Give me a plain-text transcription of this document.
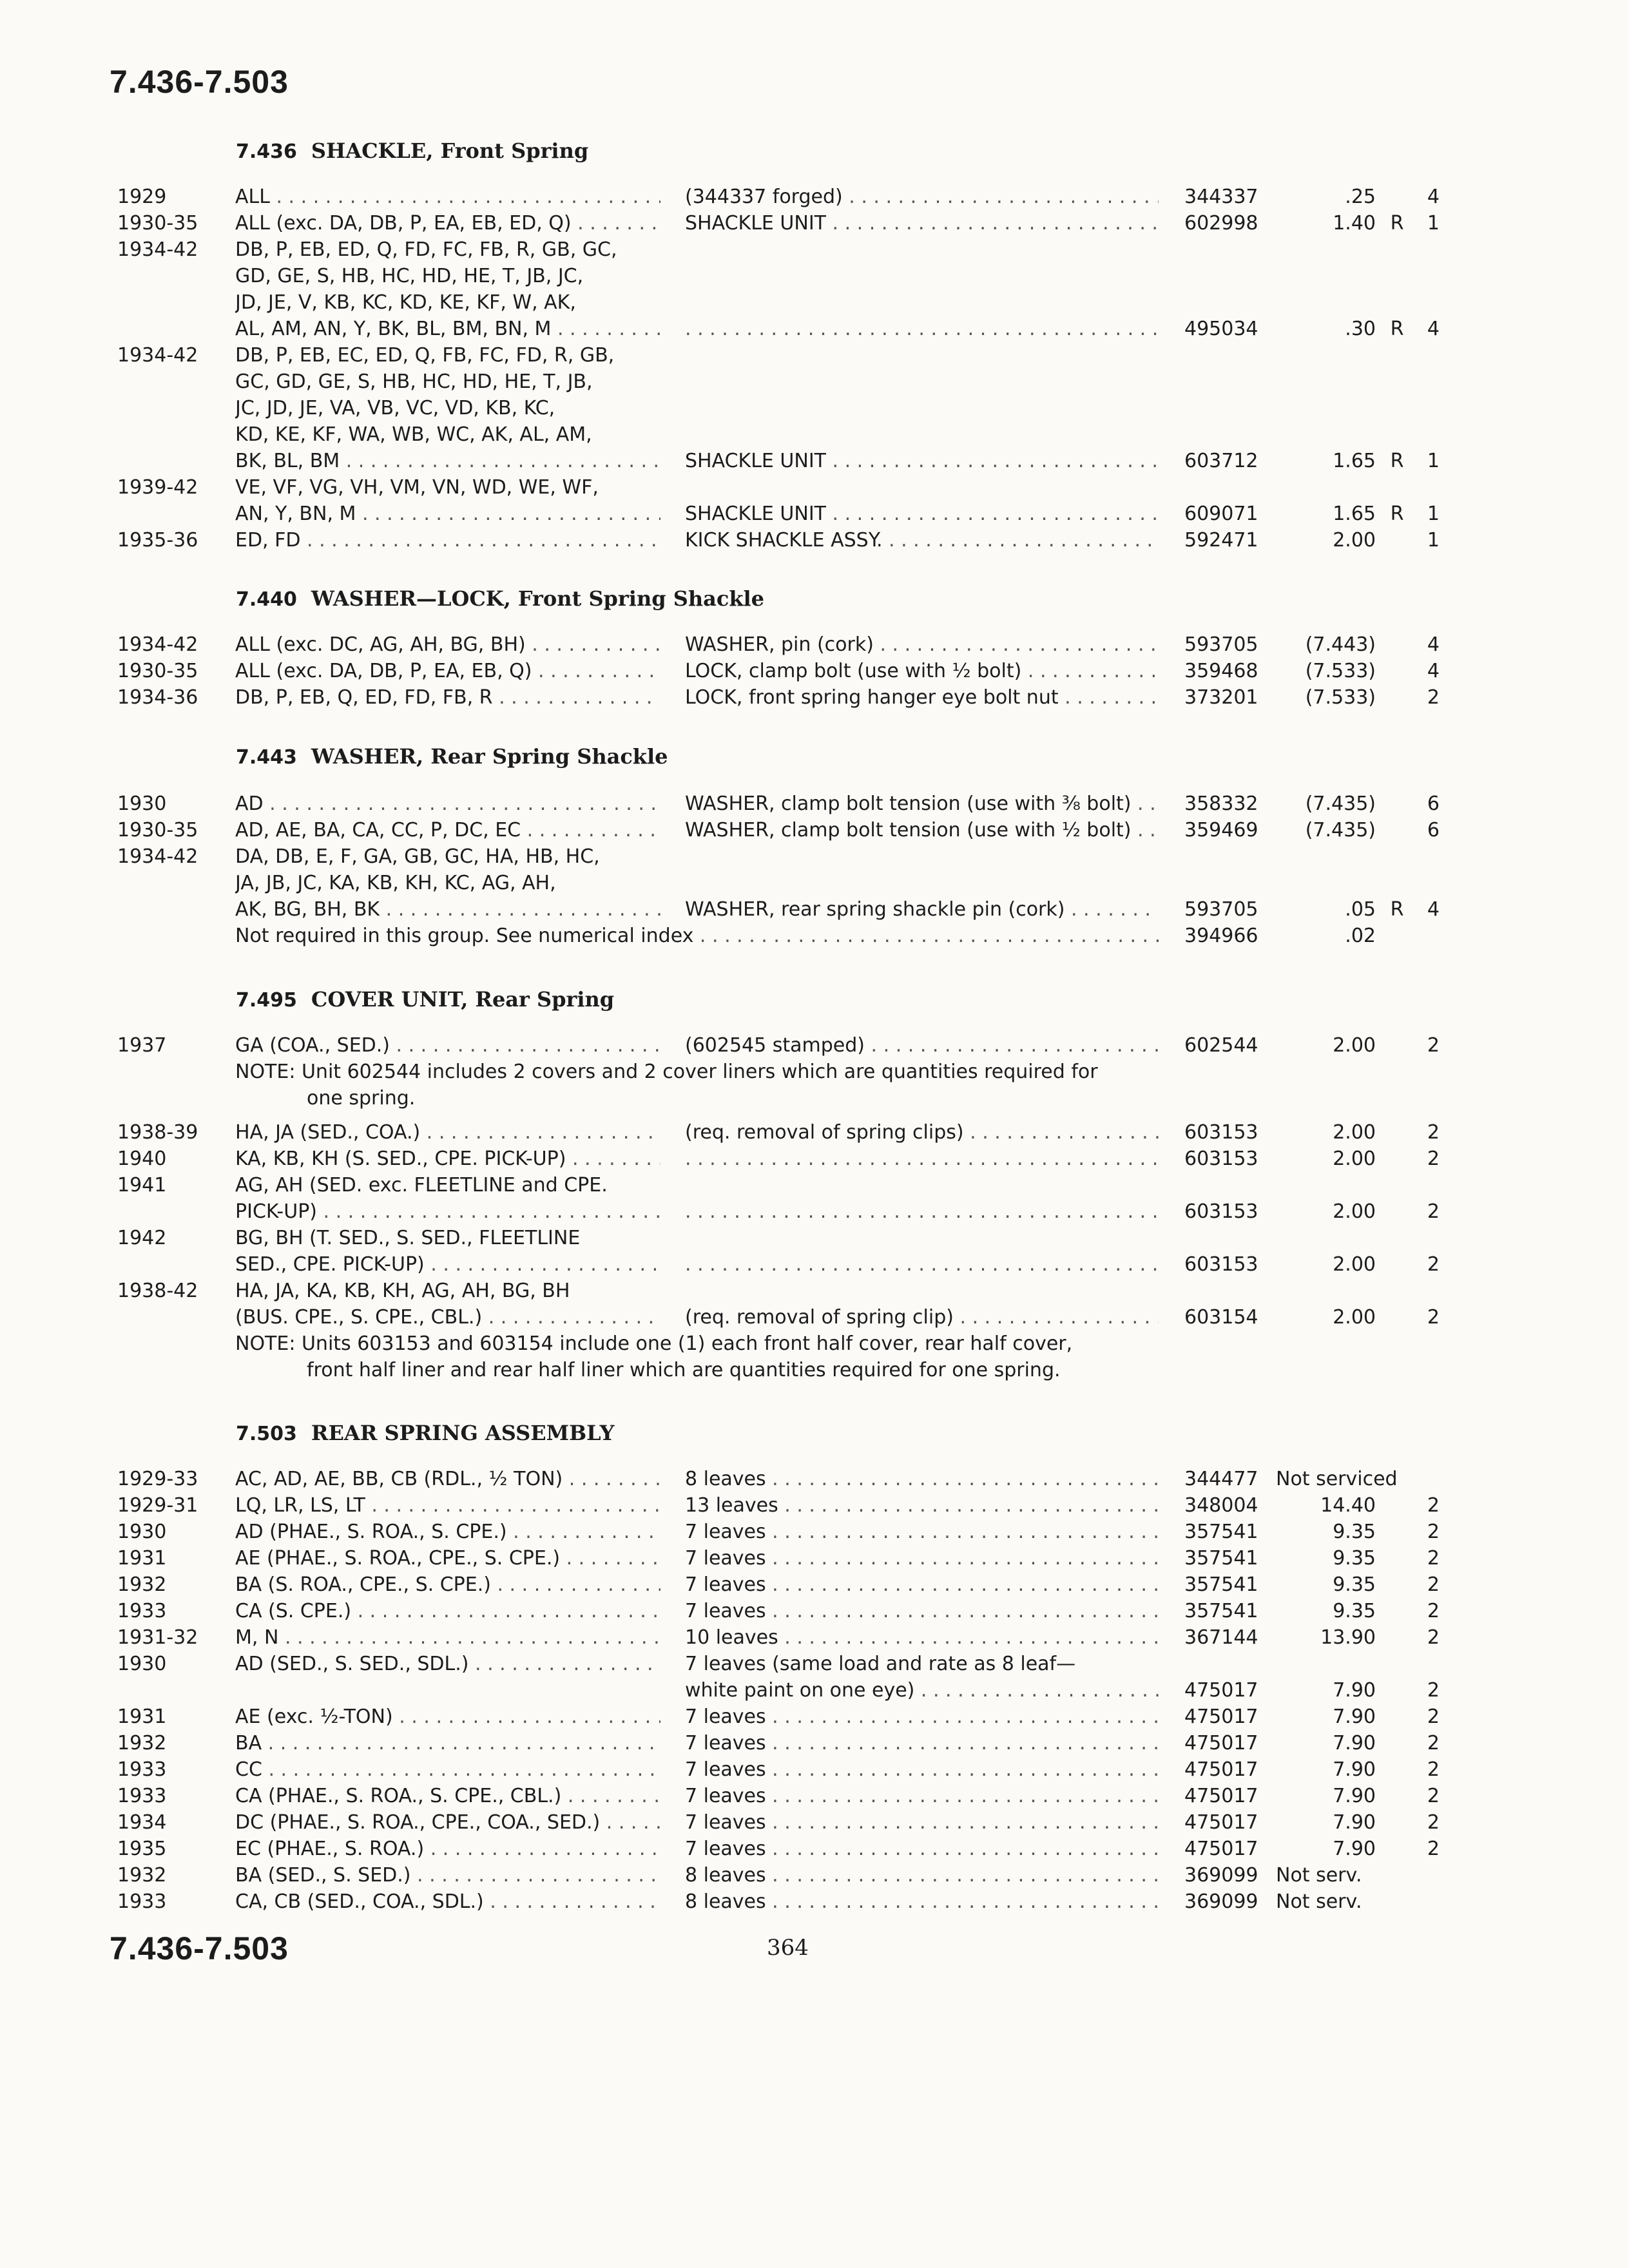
7.436-7.503
7.436 SHACKLE, Front Spring
1929	ALL . . .	(344337 forged) . . .	344337	.25	4
1930-35	ALL (exc. DA, DB, P, EA, EB, ED, Q) . . .	SHACKLE UNIT . . .	602998	1.40 R	1
1934-42	DB, P, EB, ED, Q, FD, FC, FB, R, GB, GC,
GD, GE, S, HB, HC, HD, HE, T, JB, JC,
JD, JE, V, KB, KC, KD, KE, KF, W, AK,
AL, AM, AN, Y, BK, BL, BM, BN, M . . . . . .	495034	.30 R	4
1934-42	DB, P, EB, EC, ED, Q, FB, FC, FD, R, GB,
GC, GD, GE, S, HB, HC, HD, HE, T, JB,
JC, JD, JE, VA, VB, VC, VD, KB, KC,
KD, KE, KF, WA, WB, WC, AK, AL, AM,
BK, BL, BM . . .	SHACKLE UNIT . . .	603712	1.65 R	1
1939-42	VE, VF, VG, VH, VM, VN, WD, WE, WF,
AN, Y, BN, M . . .	SHACKLE UNIT . . .	609071	1.65 R	1
1935-36	ED, FD . . .	KICK SHACKLE ASSY. . . .	592471	2.00	1
7.440 WASHER—LOCK, Front Spring Shackle
1934-42	ALL (exc. DC, AG, AH, BG, BH) . . .	WASHER, pin (cork) . . .	593705	(7.443)	4
1930-35	ALL (exc. DA, DB, P, EA, EB, Q) . . .	LOCK, clamp bolt (use with ½ bolt) . . .	359468	(7.533)	4
1934-36	DB, P, EB, Q, ED, FD, FB, R . . .	LOCK, front spring hanger eye bolt nut . . .	373201	(7.533)	2
7.443 WASHER, Rear Spring Shackle
1930	AD . . .	WASHER, clamp bolt tension (use with ⅜ bolt) . . .	358332	(7.435)	6
1930-35	AD, AE, BA, CA, CC, P, DC, EC . . .	WASHER, clamp bolt tension (use with ½ bolt) . . .	359469	(7.435)	6
1934-42	DA, DB, E, F, GA, GB, GC, HA, HB, HC,
JA, JB, JC, KA, KB, KH, KC, AG, AH,
AK, BG, BH, BK . . .	WASHER, rear spring shackle pin (cork) . . .	593705	.05 R	4
Not required in this group. See numerical index . . .	394966	.02
7.495 COVER UNIT, Rear Spring
1937	GA (COA., SED.) . . .	(602545 stamped) . . .	602544	2.00	2
NOTE: Unit 602544 includes 2 covers and 2 cover liners which are quantities required for
one spring.
1938-39	HA, JA (SED., COA.) . . .	(req. removal of spring clips) . . .	603153	2.00	2
1940	KA, KB, KH (S. SED., CPE. PICK-UP) . . . . . .	603153	2.00	2
1941	AG, AH (SED. exc. FLEETLINE and CPE.
PICK-UP) . . . . . .	603153	2.00	2
1942	BG, BH (T. SED., S. SED., FLEETLINE
SED., CPE. PICK-UP) . . . . . .	603153	2.00	2
1938-42	HA, JA, KA, KB, KH, AG, AH, BG, BH
(BUS. CPE., S. CPE., CBL.) . . .	(req. removal of spring clip) . . .	603154	2.00	2
NOTE: Units 603153 and 603154 include one (1) each front half cover, rear half cover,
front half liner and rear half liner which are quantities required for one spring.
7.503 REAR SPRING ASSEMBLY
1929-33	AC, AD, AE, BB, CB (RDL., ½ TON) . . .	8 leaves . . .	344477 Not serviced
1929-31	LQ, LR, LS, LT . . .	13 leaves . . .	348004	14.40	2
1930	AD (PHAE., S. ROA., S. CPE.) . . .	7 leaves . . .	357541	9.35	2
1931	AE (PHAE., S. ROA., CPE., S. CPE.) . . .	7 leaves . . .	357541	9.35	2
1932	BA (S. ROA., CPE., S. CPE.) . . .	7 leaves . . .	357541	9.35	2
1933	CA (S. CPE.) . . .	7 leaves . . .	357541	9.35	2
1931-32	M, N . . .	10 leaves . . .	367144	13.90	2
1930	AD (SED., S. SED., SDL.) . . .	7 leaves (same load and rate as 8 leaf—
white paint on one eye) . . .	475017	7.90	2
1931	AE (exc. ½-TON) . . .	7 leaves . . .	475017	7.90	2
1932	BA . . .	7 leaves . . .	475017	7.90	2
1933	CC . . .	7 leaves . . .	475017	7.90	2
1933	CA (PHAE., S. ROA., S. CPE., CBL.) . . .	7 leaves . . .	475017	7.90	2
1934	DC (PHAE., S. ROA., CPE., COA., SED.) . . .	7 leaves . . .	475017	7.90	2
1935	EC (PHAE., S. ROA.) . . .	7 leaves . . .	475017	7.90	2
1932	BA (SED., S. SED.) . . .	8 leaves . . .	369099 Not serv.
1933	CA, CB (SED., COA., SDL.) . . .	8 leaves . . .	369099 Not serv.
7.436-7.503	364
